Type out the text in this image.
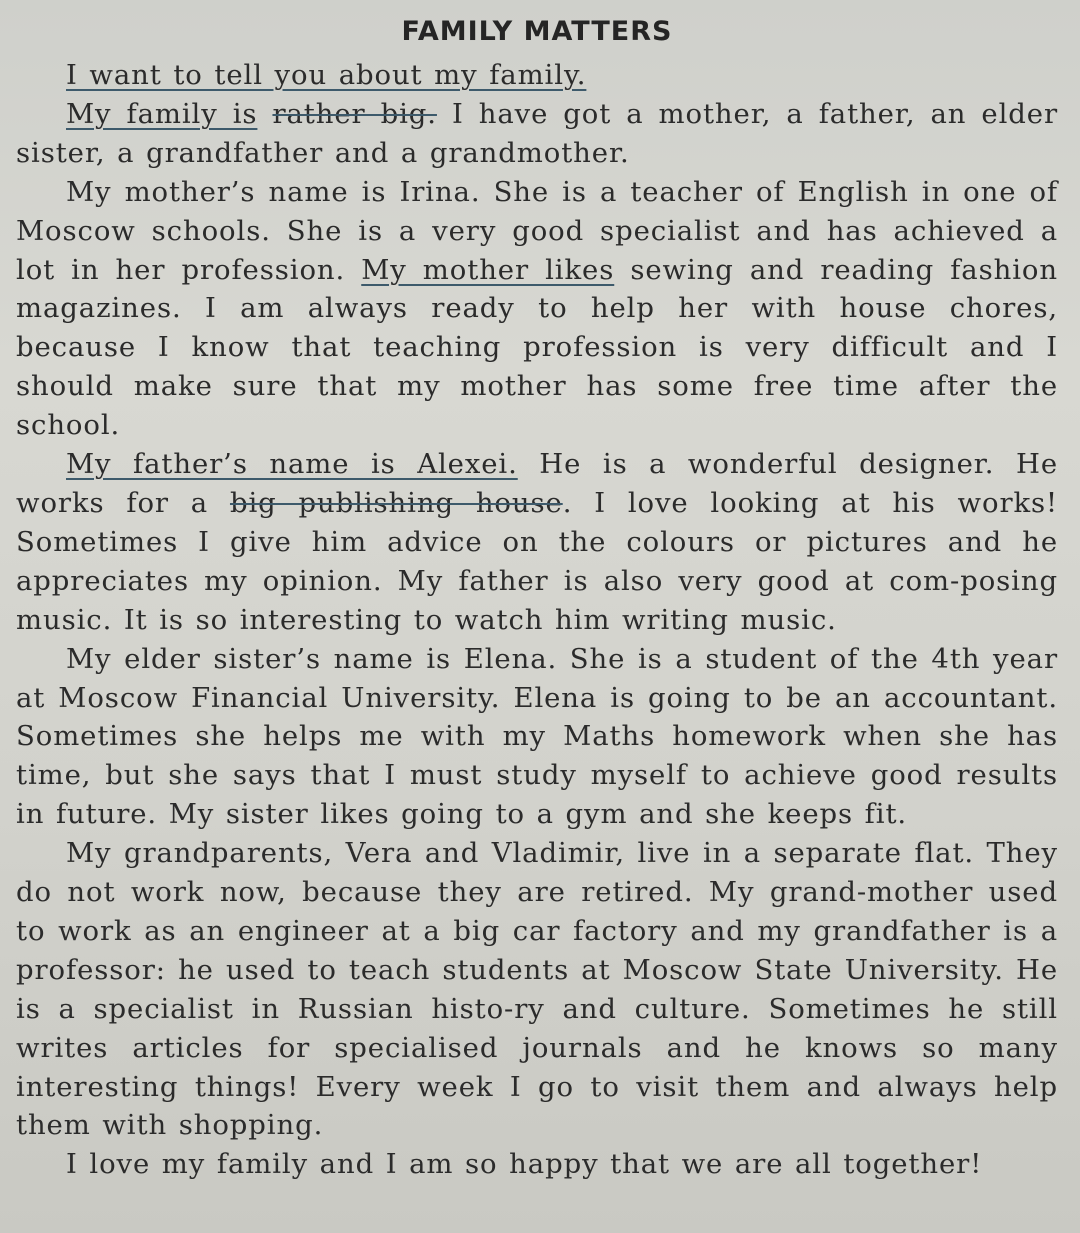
FAMILY MATTERS

I want to tell you about my family.

My family is rather big. I have got a mother, a father, an elder sister, a grandfather and a grandmother.

My mother’s name is Irina. She is a teacher of English in one of Moscow schools. She is a very good specialist and has achieved a lot in her profession. My mother likes sewing and reading fashion magazines. I am always ready to help her with house chores, because I know that teaching profession is very difficult and I should make sure that my mother has some free time after the school.

My father’s name is Alexei. He is a wonderful designer. He works for a big publishing house. I love looking at his works! Sometimes I give him advice on the colours or pictures and he appreciates my opinion. My father is also very good at com-posing music. It is so interesting to watch him writing music.

My elder sister’s name is Elena. She is a student of the 4th year at Moscow Financial University. Elena is going to be an accountant. Sometimes she helps me with my Maths homework when she has time, but she says that I must study myself to achieve good results in future. My sister likes going to a gym and she keeps fit.

My grandparents, Vera and Vladimir, live in a separate flat. They do not work now, because they are retired. My grand-mother used to work as an engineer at a big car factory and my grandfather is a professor: he used to teach students at Moscow State University. He is a specialist in Russian histo-ry and culture. Sometimes he still writes articles for specialised journals and he knows so many interesting things! Every week I go to visit them and always help them with shopping.

I love my family and I am so happy that we are all together!
